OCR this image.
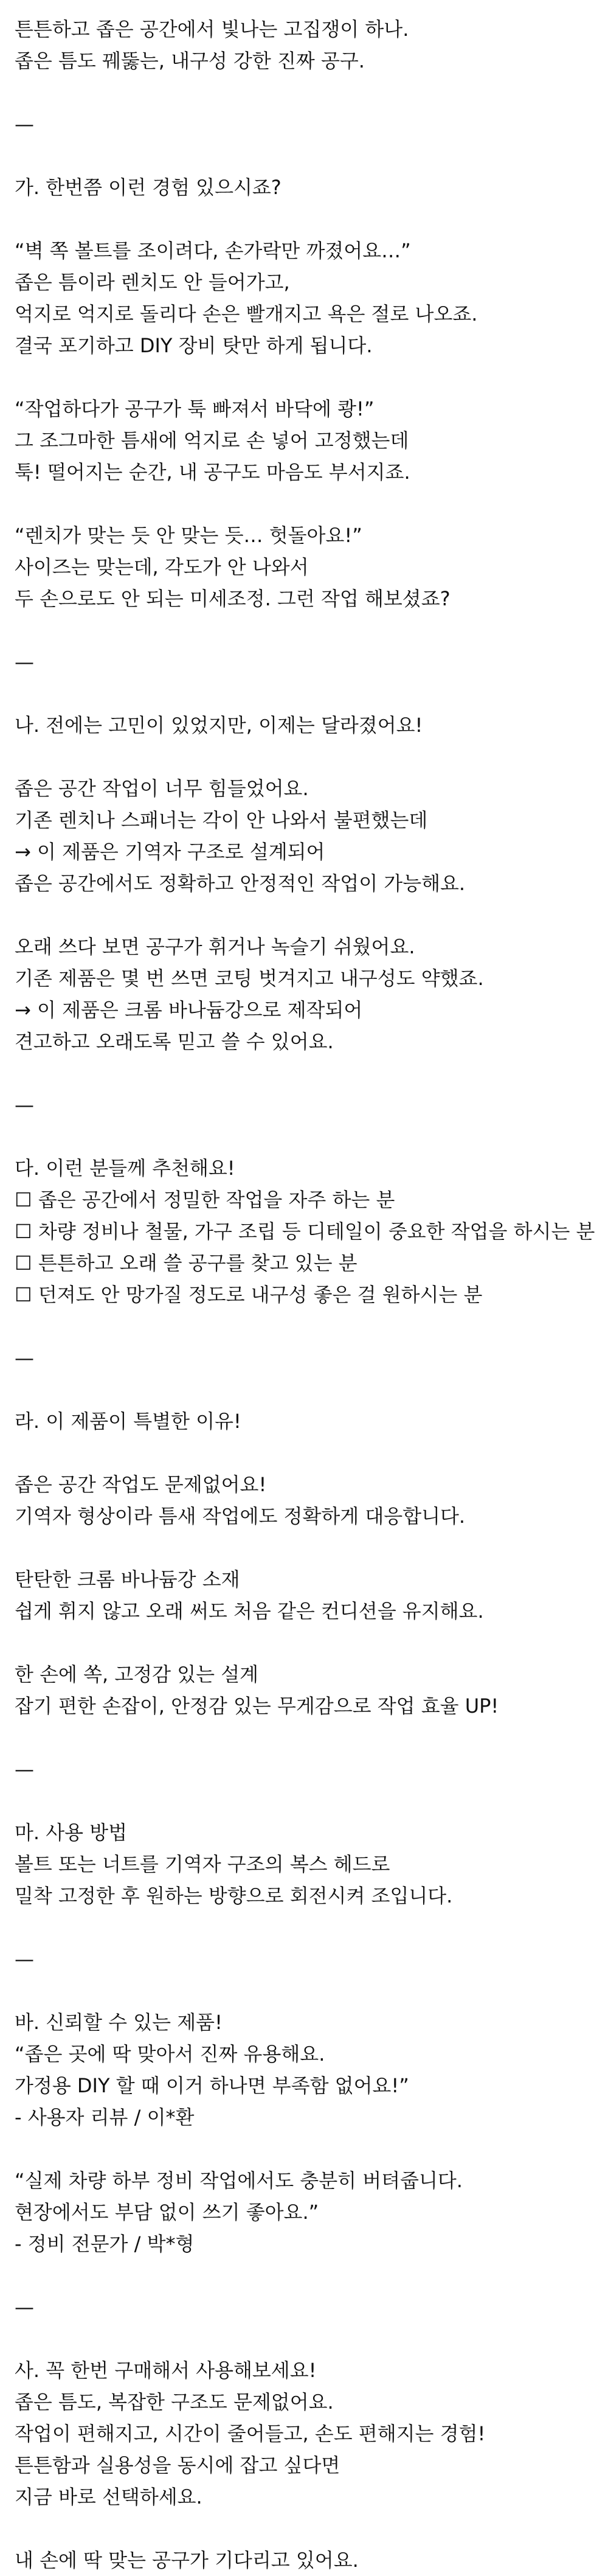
튼튼하고 좁은 공간에서 빛나는 고집쟁이 하나.
좁은 틈도 꿰뚫는, 내구성 강한 진짜 공구.
—
가. 한번쯤 이런 경험 있으시죠?
“벽 쪽 볼트를 조이려다, 손가락만 까졌어요…”
좁은 틈이라 렌치도 안 들어가고,
억지로 억지로 돌리다 손은 빨개지고 욕은 절로 나오죠.
결국 포기하고 DIY 장비 탓만 하게 됩니다.
“작업하다가 공구가 툭 빠져서 바닥에 쾅!”
그 조그마한 틈새에 억지로 손 넣어 고정했는데
툭! 떨어지는 순간, 내 공구도 마음도 부서지죠.
“렌치가 맞는 듯 안 맞는 듯… 헛돌아요!”
사이즈는 맞는데, 각도가 안 나와서
두 손으로도 안 되는 미세조정. 그런 작업 해보셨죠?
—
나. 전에는 고민이 있었지만, 이제는 달라졌어요!
좁은 공간 작업이 너무 힘들었어요.
기존 렌치나 스패너는 각이 안 나와서 불편했는데
→ 이 제품은 기역자 구조로 설계되어
좁은 공간에서도 정확하고 안정적인 작업이 가능해요.
오래 쓰다 보면 공구가 휘거나 녹슬기 쉬웠어요.
기존 제품은 몇 번 쓰면 코팅 벗겨지고 내구성도 약했죠.
→ 이 제품은 크롬 바나듐강으로 제작되어
견고하고 오래도록 믿고 쓸 수 있어요.
—
다. 이런 분들께 추천해요!
☐ 좁은 공간에서 정밀한 작업을 자주 하는 분
☐ 차량 정비나 철물, 가구 조립 등 디테일이 중요한 작업을 하시는 분
☐ 튼튼하고 오래 쓸 공구를 찾고 있는 분
☐ 던져도 안 망가질 정도로 내구성 좋은 걸 원하시는 분
—
라. 이 제품이 특별한 이유!
좁은 공간 작업도 문제없어요!
기역자 형상이라 틈새 작업에도 정확하게 대응합니다.
탄탄한 크롬 바나듐강 소재
쉽게 휘지 않고 오래 써도 처음 같은 컨디션을 유지해요.
한 손에 쏙, 고정감 있는 설계
잡기 편한 손잡이, 안정감 있는 무게감으로 작업 효율 UP!
—
마. 사용 방법
볼트 또는 너트를 기역자 구조의 복스 헤드로
밀착 고정한 후 원하는 방향으로 회전시켜 조입니다.
—
바. 신뢰할 수 있는 제품!
“좁은 곳에 딱 맞아서 진짜 유용해요.
가정용 DIY 할 때 이거 하나면 부족함 없어요!”
- 사용자 리뷰 / 이*환
“실제 차량 하부 정비 작업에서도 충분히 버텨줍니다.
현장에서도 부담 없이 쓰기 좋아요.”
- 정비 전문가 / 박*형
—
사. 꼭 한번 구매해서 사용해보세요!
좁은 틈도, 복잡한 구조도 문제없어요.
작업이 편해지고, 시간이 줄어들고, 손도 편해지는 경험!
튼튼함과 실용성을 동시에 잡고 싶다면
지금 바로 선택하세요.
내 손에 딱 맞는 공구가 기다리고 있어요.
